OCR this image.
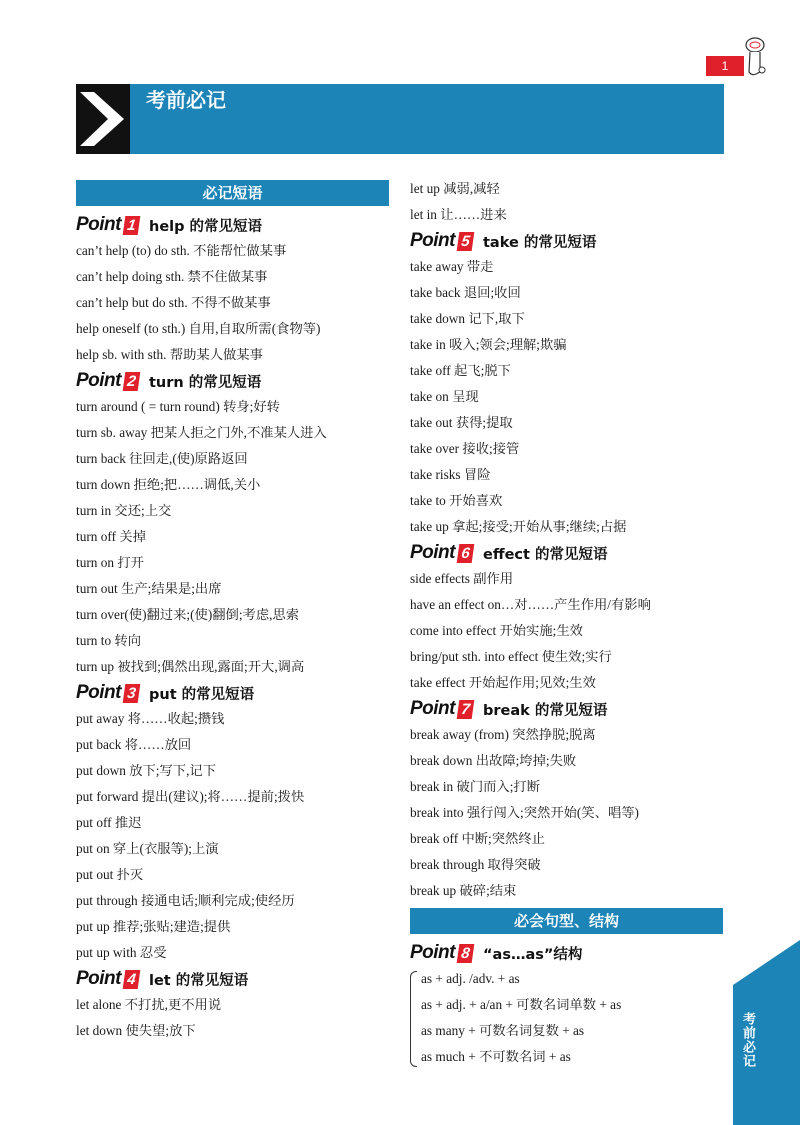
1
考前必记
必记短语
Point 1 help 的常见短语
can’t help (to) do sth. 不能帮忙做某事
can’t help doing sth. 禁不住做某事
can’t help but do sth. 不得不做某事
help oneself (to sth.) 自用,自取所需(食物等)
help sb. with sth. 帮助某人做某事
Point 2 turn 的常见短语
turn around ( = turn round) 转身;好转
turn sb. away 把某人拒之门外,不准某人进入
turn back 往回走,(使)原路返回
turn down 拒绝;把……调低,关小
turn in 交还;上交
turn off 关掉
turn on 打开
turn out 生产;结果是;出席
turn over(使)翻过来;(使)翻倒;考虑,思索
turn to 转向
turn up 被找到;偶然出现,露面;开大,调高
Point 3 put 的常见短语
put away 将……收起;攒钱
put back 将……放回
put down 放下;写下,记下
put forward 提出(建议);将……提前;拨快
put off 推迟
put on 穿上(衣服等);上演
put out 扑灭
put through 接通电话;顺利完成;使经历
put up 推荐;张贴;建造;提供
put up with 忍受
Point 4 let 的常见短语
let alone 不打扰,更不用说
let down 使失望;放下
let up 减弱,减轻
let in 让……进来
Point 5 take 的常见短语
take away 带走
take back 退回;收回
take down 记下,取下
take in 吸入;领会;理解;欺骗
take off 起飞;脱下
take on 呈现
take out 获得;提取
take over 接收;接管
take risks 冒险
take to 开始喜欢
take up 拿起;接受;开始从事;继续;占据
Point 6 effect 的常见短语
side effects 副作用
have an effect on…对……产生作用/有影响
come into effect 开始实施;生效
bring/put sth. into effect 使生效;实行
take effect 开始起作用;见效;生效
Point 7 break 的常见短语
break away (from) 突然挣脱;脱离
break down 出故障;垮掉;失败
break in 破门而入;打断
break into 强行闯入;突然开始(笑、唱等)
break off 中断;突然终止
break through 取得突破
break up 破碎;结束
必会句型、结构
Point 8 “as…as”结构
as + adj. /adv. + as
as + adj. + a/an + 可数名词单数 + as
as many + 可数名词复数 + as
as much + 不可数名词 + as	考前必记
